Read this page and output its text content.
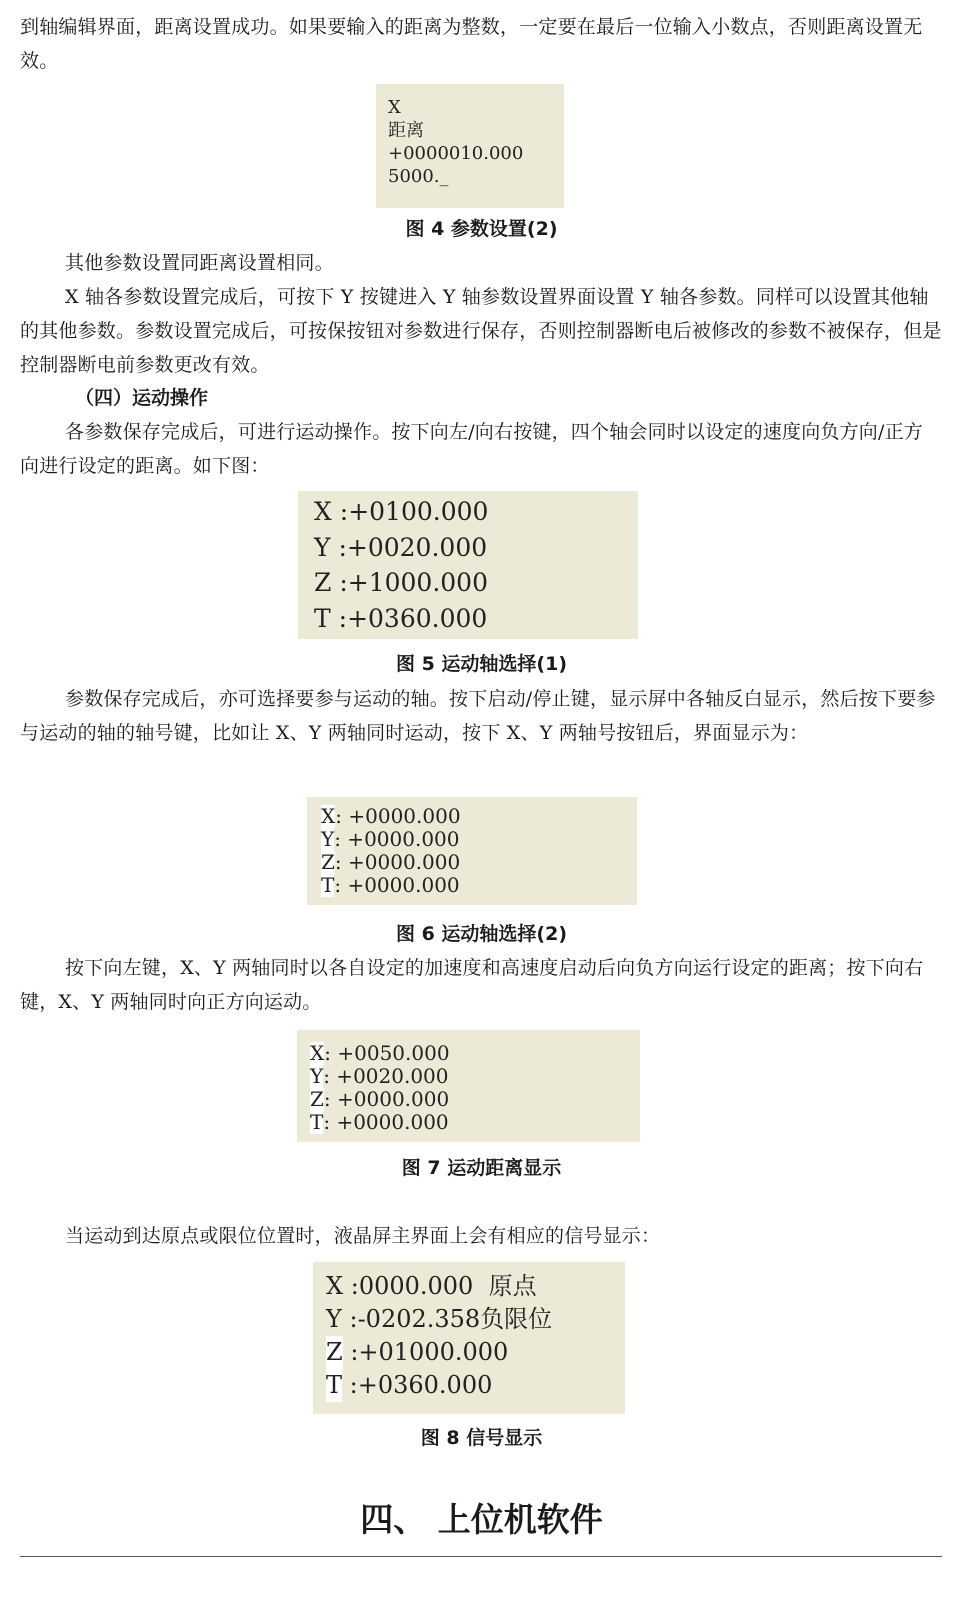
到轴编辑界面，距离设置成功。如果要输入的距离为整数，一定要在最后一位输入小数点，否则距离设置无效。

X
距离
+0000010.000
5000._
图 4 参数设置(2)

其他参数设置同距离设置相同。

X 轴各参数设置完成后，可按下 Y 按键进入 Y 轴参数设置界面设置 Y 轴各参数。同样可以设置其他轴的其他参数。参数设置完成后，可按保按钮对参数进行保存，否则控制器断电后被修改的参数不被保存，但是控制器断电前参数更改有效。

（四）运动操作

各参数保存完成后，可进行运动操作。按下向左/向右按键，四个轴会同时以设定的速度向负方向/正方向进行设定的距离。如下图：

X :+0100.000
Y :+0020.000
Z :+1000.000
T :+0360.000
图 5 运动轴选择(1)

参数保存完成后，亦可选择要参与运动的轴。按下启动/停止键，显示屏中各轴反白显示，然后按下要参与运动的轴的轴号键，比如让 X、Y 两轴同时运动，按下 X、Y 两轴号按钮后，界面显示为：

X: +0000.000
Y: +0000.000
Z: +0000.000
T: +0000.000
图 6 运动轴选择(2)

按下向左键，X、Y 两轴同时以各自设定的加速度和高速度启动后向负方向运行设定的距离；按下向右键，X、Y 两轴同时向正方向运动。

X: +0050.000
Y: +0020.000
Z: +0000.000
T: +0000.000
图 7 运动距离显示

当运动到达原点或限位位置时，液晶屏主界面上会有相应的信号显示：

X :0000.000  原点
Y :-0202.358负限位
Z :+01000.000
T :+0360.000
图 8 信号显示
四、 上位机软件
